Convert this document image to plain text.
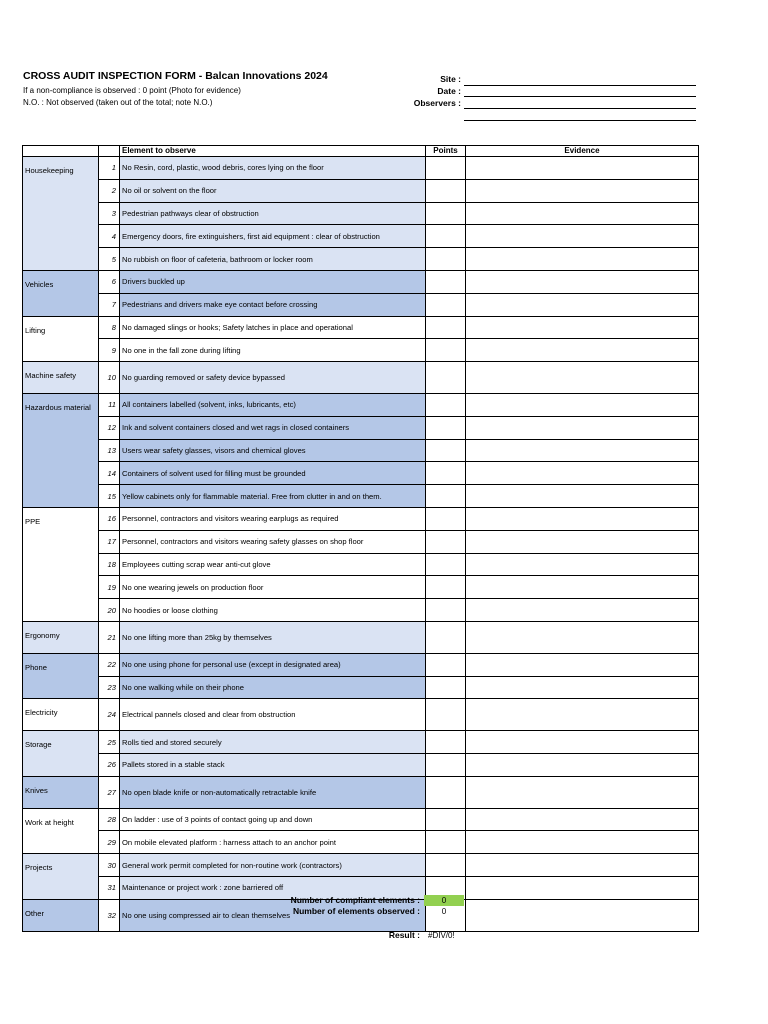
CROSS AUDIT INSPECTION FORM - Balcan Innovations 2024
If a non-compliance is observed : 0 point (Photo for evidence)
N.O. : Not observed (taken out of the total; note N.O.)
Site :
Date :
Observers :
		Element to observe	Points	Evidence
Housekeeping	1	No Resin, cord, plastic, wood debris, cores lying on the floor		
	2	No oil or solvent on the floor		
	3	Pedestrian pathways clear of obstruction		
	4	Emergency doors, fire extinguishers, first aid equipment : clear of obstruction		
	5	No rubbish on floor of cafeteria, bathroom or locker room		
Vehicles	6	Drivers buckled up		
	7	Pedestrians and drivers make eye contact before crossing		
Lifting	8	No damaged slings or hooks; Safety latches in place and operational		
	9	No one in the fall zone during lifting		
Machine safety	10	No guarding removed or safety device bypassed		
Hazardous material	11	All containers labelled (solvent, inks, lubricants, etc)		
	12	Ink and solvent containers closed and wet rags in closed containers		
	13	Users wear safety glasses, visors and chemical gloves		
	14	Containers of solvent used for filling must be grounded		
	15	Yellow cabinets only for flammable material. Free from clutter in and on them.		
PPE	16	Personnel, contractors and visitors wearing earplugs as required		
	17	Personnel, contractors and visitors wearing safety glasses on shop floor		
	18	Employees cutting scrap wear anti-cut glove		
	19	No one wearing jewels on production floor		
	20	No hoodies or loose clothing		
Ergonomy	21	No one lifting more than 25kg by themselves		
Phone	22	No one using phone for personal use (except in designated area)		
	23	No one walking while on their phone		
Electricity	24	Electrical pannels closed and clear from obstruction		
Storage	25	Rolls tied and stored securely		
	26	Pallets stored in a stable stack		
Knives	27	No open blade knife or non-automatically retractable knife		
Work at height	28	On ladder : use of 3 points of contact going up and down		
	29	On mobile elevated platform : harness attach to an anchor point		
Projects	30	General work permit completed for non-routine work (contractors)		
	31	Maintenance or project work : zone barriered off		
Other	32	No one using compressed air to clean themselves		
Number of compliant elements :	0
Number of elements observed :	0
Result : #DIV/0!
